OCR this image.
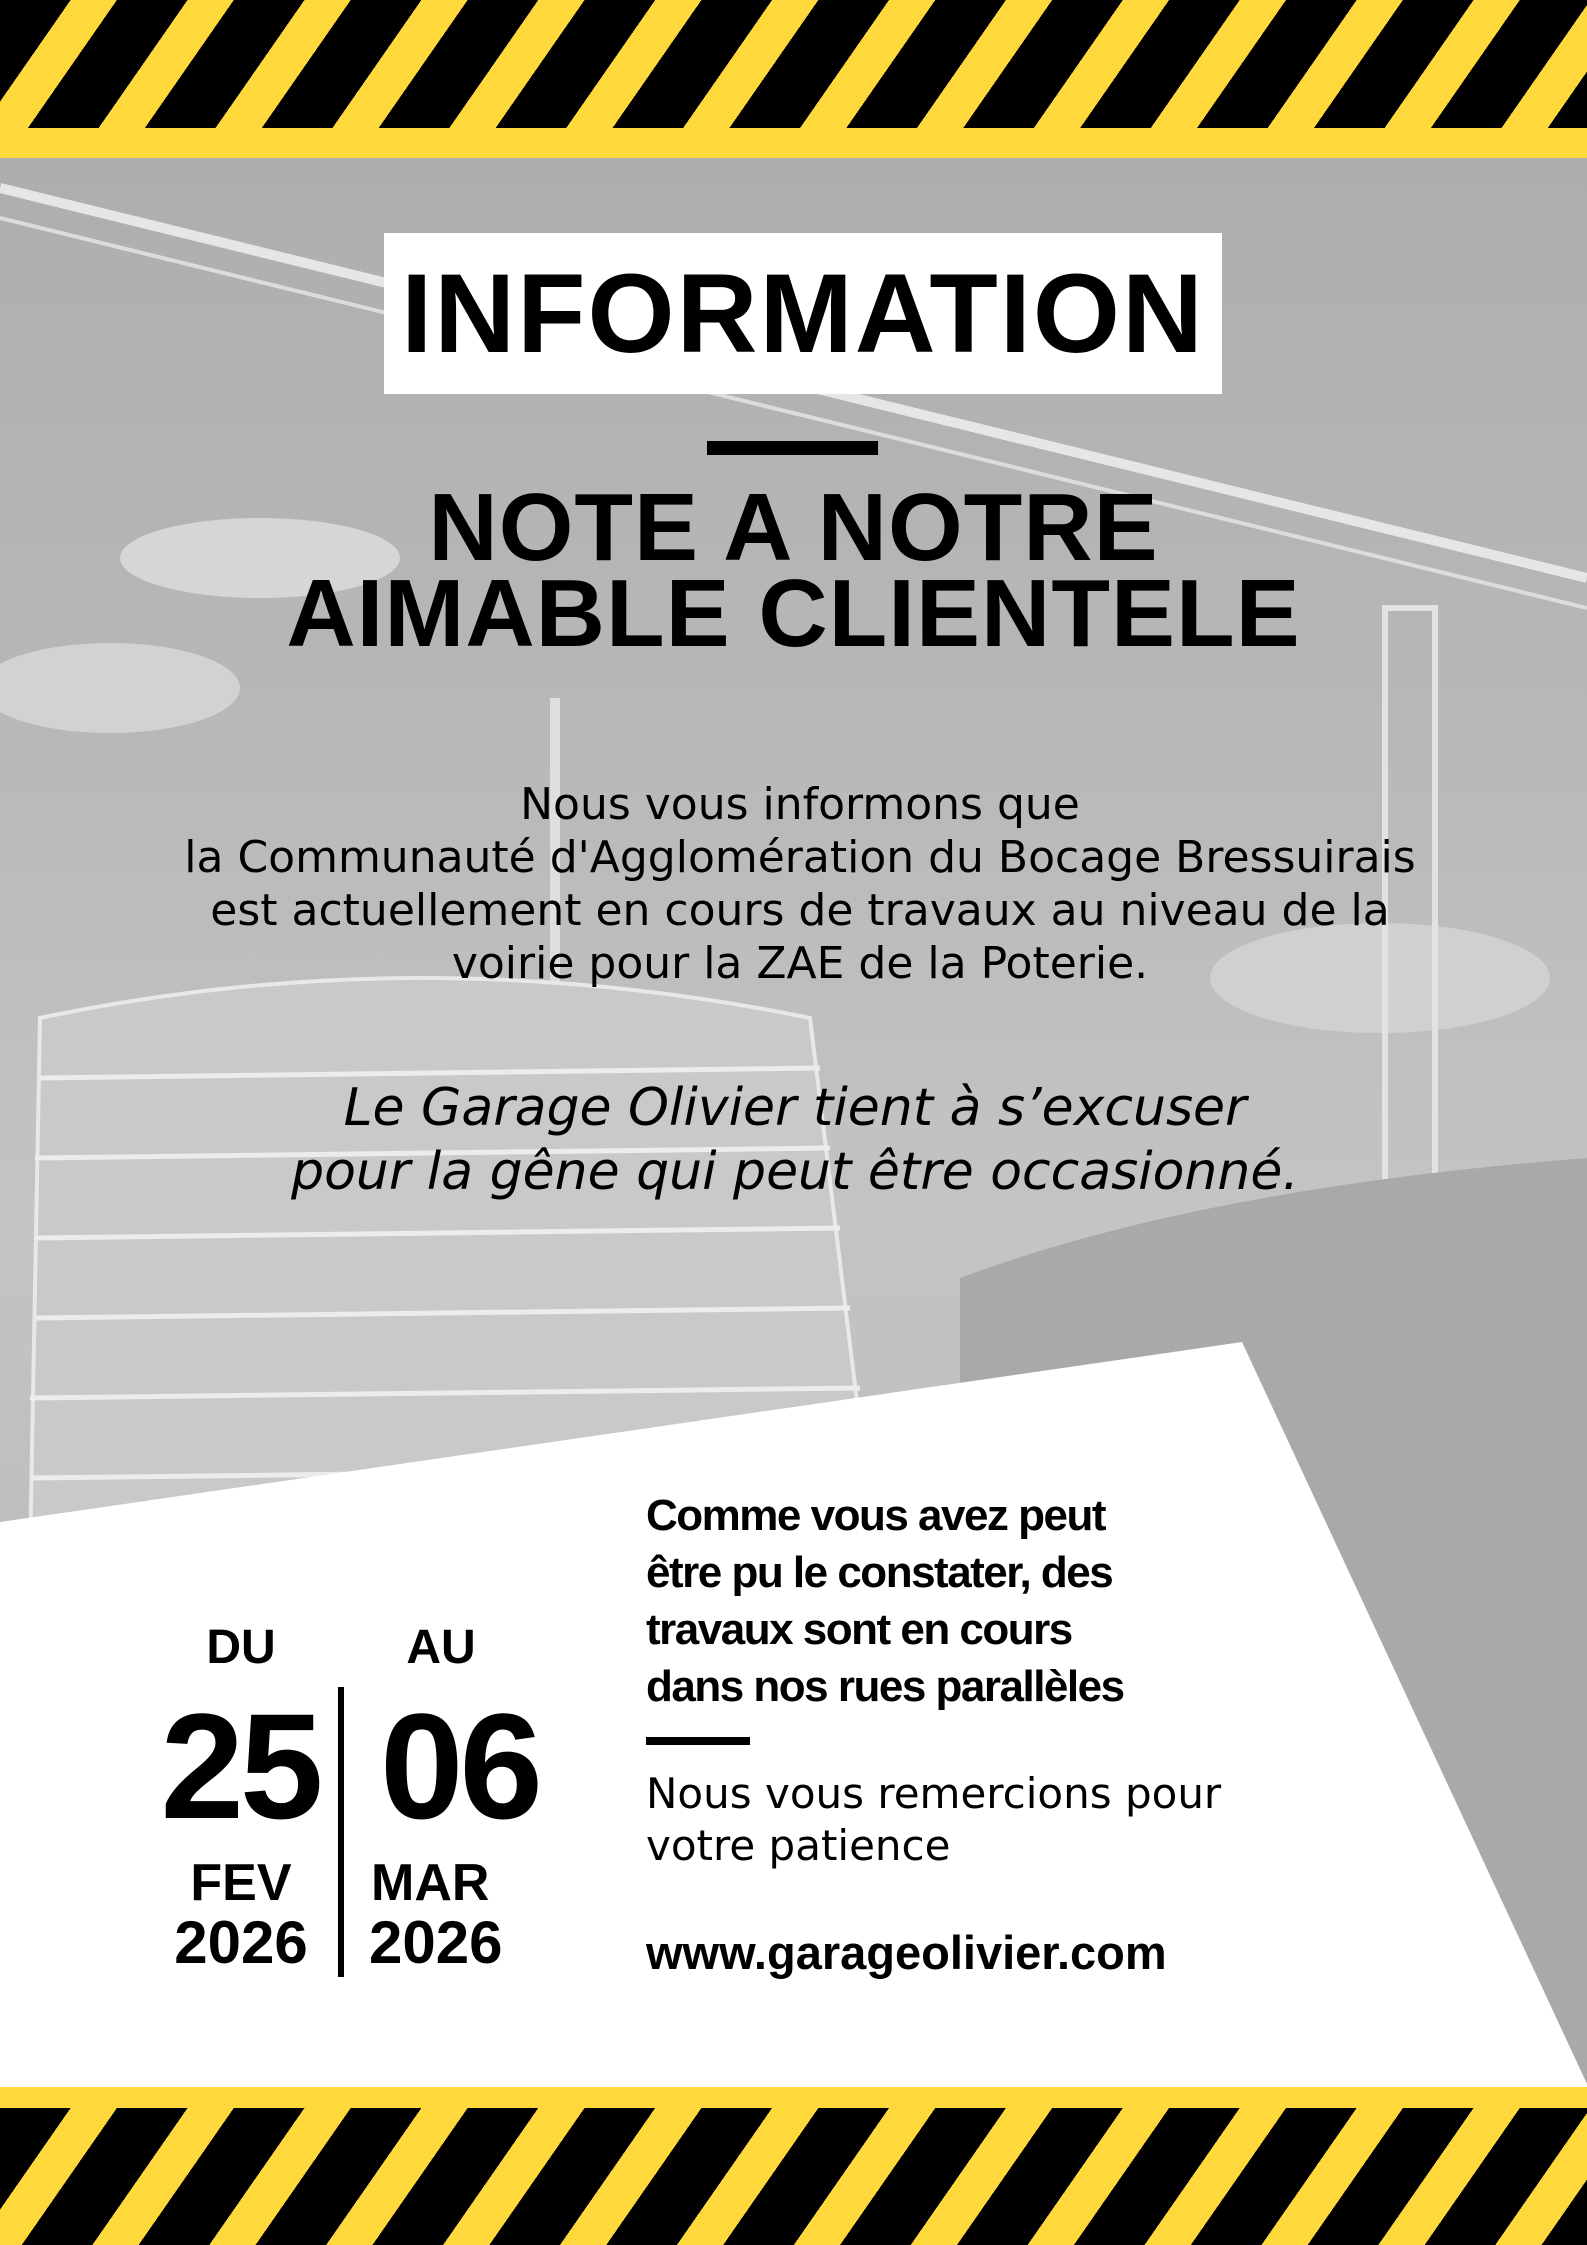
INFORMATION
NOTE A NOTRE
AIMABLE CLIENTELE
Nous vous informons que
la Communauté d'Agglomération du Bocage Bressuirais
est actuellement en cours de travaux au niveau de la
voirie pour la ZAE de la Poterie.
Le Garage Olivier tient à s’excuser
pour la gêne qui peut être occasionné.
DU	AU
25 06
FEV	MAR
2026	2026
Comme vous avez peut
être pu le constater, des
travaux sont en cours
dans nos rues parallèles
Nous vous remercions pour
votre patience
www.garageolivier.com
